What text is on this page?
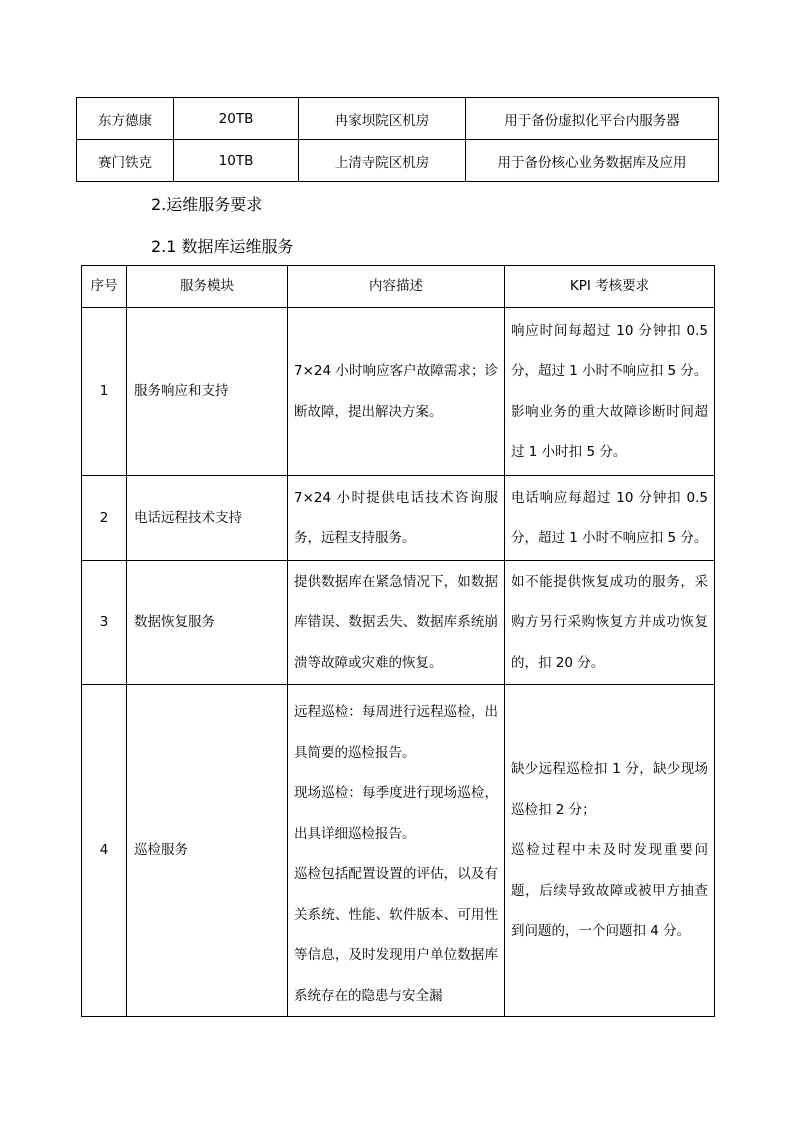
东方德康	20TB	冉家坝院区机房	用于备份虚拟化平台内服务器
赛门铁克	10TB	上清寺院区机房	用于备份核心业务数据库及应用

2.运维服务要求

2.1 数据库运维服务

序号	服务模块	内容描述	KPI 考核要求
1	服务响应和支持	7×24 小时响应客户故障需求；诊断故障，提出解决方案。	响应时间每超过 10 分钟扣 0.5 分，超过 1 小时不响应扣 5 分。
影响业务的重大故障诊断时间超过 1 小时扣 5 分。

2	电话远程技术支持	7×24 小时提供电话技术咨询服务，远程支持服务。	电话响应每超过 10 分钟扣 0.5 分，超过 1 小时不响应扣 5 分。

3	数据恢复服务	提供数据库在紧急情况下，如数据库错误、数据丢失、数据库系统崩溃等故障或灾难的恢复。	如不能提供恢复成功的服务，采购方另行采购恢复方并成功恢复的，扣 20 分。

4	巡检服务	远程巡检：每周进行远程巡检，出具简要的巡检报告。
现场巡检：每季度进行现场巡检，出具详细巡检报告。
巡检包括配置设置的评估，以及有关系统、性能、软件版本、可用性等信息，及时发现用户单位数据库系统存在的隐患与安全漏	缺少远程巡检扣 1 分，缺少现场巡检扣 2 分；
巡检过程中未及时发现重要问题，后续导致故障或被甲方抽查到问题的，一个问题扣 4 分。
